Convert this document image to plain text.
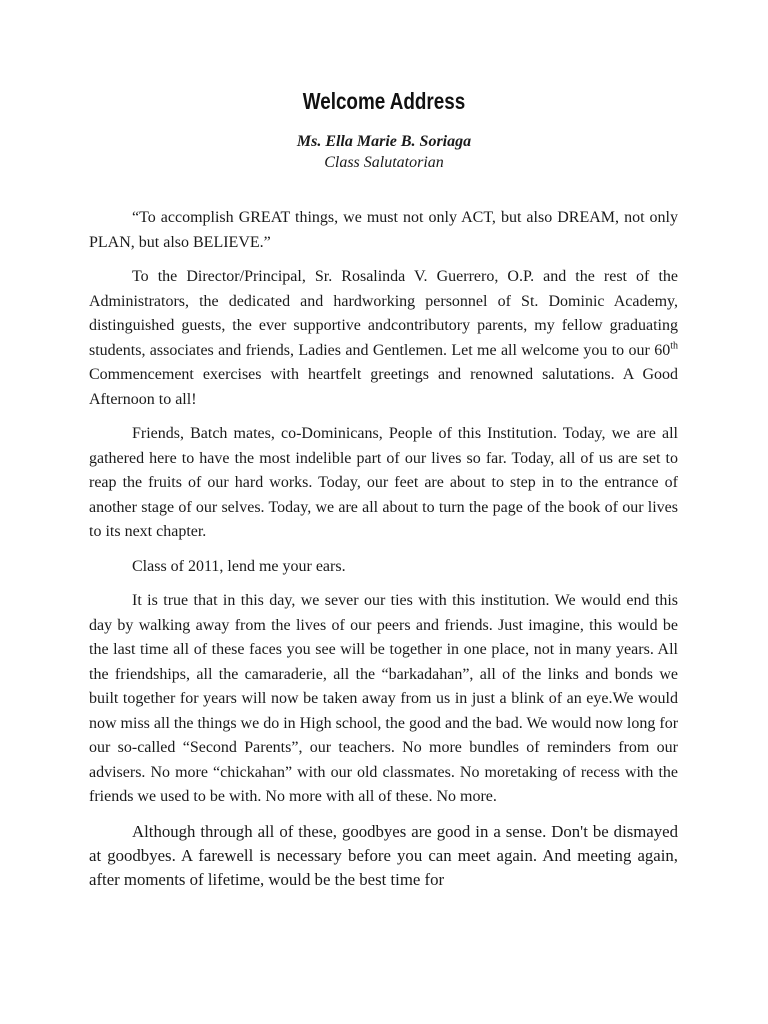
Welcome Address
Ms. Ella Marie B. Soriaga
Class Salutatorian

“To accomplish GREAT things, we must not only ACT, but also DREAM, not only PLAN, but also BELIEVE.”

To the Director/Principal, Sr. Rosalinda V. Guerrero, O.P. and the rest of the Administrators, the dedicated and hardworking personnel of St. Dominic Academy, distinguished guests, the ever supportive andcontributory parents, my fellow graduating students, associates and friends, Ladies and Gentlemen. Let me all welcome you to our 60th Commencement exercises with heartfelt greetings and renowned salutations. A Good Afternoon to all!

Friends, Batch mates, co-Dominicans, People of this Institution. Today, we are all gathered here to have the most indelible part of our lives so far. Today, all of us are set to reap the fruits of our hard works. Today, our feet are about to step in to the entrance of another stage of our selves. Today, we are all about to turn the page of the book of our lives to its next chapter.

Class of 2011, lend me your ears.

It is true that in this day, we sever our ties with this institution. We would end this day by walking away from the lives of our peers and friends. Just imagine, this would be the last time all of these faces you see will be together in one place, not in many years. All the friendships, all the camaraderie, all the “barkadahan”, all of the links and bonds we built together for years will now be taken away from us in just a blink of an eye.We would now miss all the things we do in High school, the good and the bad. We would now long for our so-called “Second Parents”, our teachers. No more bundles of reminders from our advisers. No more “chickahan” with our old classmates. No moretaking of recess with the friends we used to be with. No more with all of these. No more.

Although through all of these, goodbyes are good in a sense. Don't be dismayed at goodbyes. A farewell is necessary before you can meet again. And meeting again, after moments of lifetime, would be the best time for
